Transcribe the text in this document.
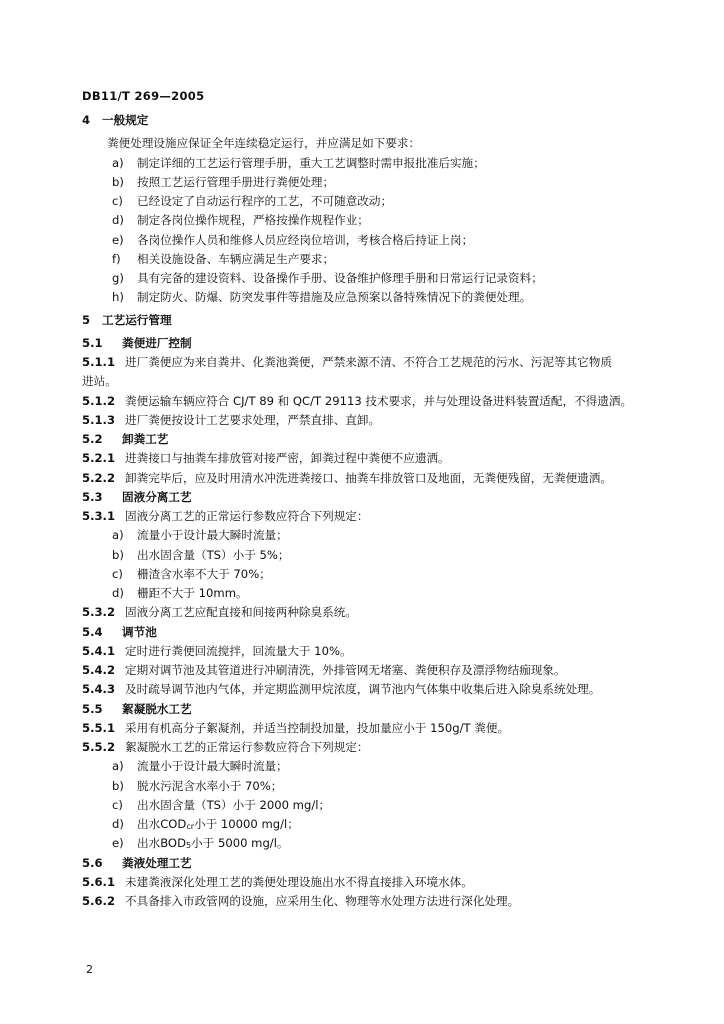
DB11/T 269—2005
4 一般规定
粪便处理设施应保证全年连续稳定运行，并应满足如下要求：
a) 制定详细的工艺运行管理手册，重大工艺调整时需申报批准后实施；
b) 按照工艺运行管理手册进行粪便处理；
c) 已经设定了自动运行程序的工艺，不可随意改动；
d) 制定各岗位操作规程，严格按操作规程作业；
e) 各岗位操作人员和维修人员应经岗位培训，考核合格后持证上岗；
f) 相关设施设备、车辆应满足生产要求；
g) 具有完备的建设资料、设备操作手册、设备维护修理手册和日常运行记录资料；
h) 制定防火、防爆、防突发事件等措施及应急预案以备特殊情况下的粪便处理。
5 工艺运行管理
5.1 粪便进厂控制
5.1.1 进厂粪便应为来自粪井、化粪池粪便，严禁来源不清、不符合工艺规范的污水、污泥等其它物质
进站。
5.1.2 粪便运输车辆应符合 CJ/T 89 和 QC/T 29113 技术要求，并与处理设备进料装置适配，不得遗洒。
5.1.3 进厂粪便按设计工艺要求处理，严禁直排、直卸。
5.2 卸粪工艺
5.2.1 进粪接口与抽粪车排放管对接严密，卸粪过程中粪便不应遗洒。
5.2.2 卸粪完毕后，应及时用清水冲洗进粪接口、抽粪车排放管口及地面，无粪便残留，无粪便遗洒。
5.3 固液分离工艺
5.3.1 固液分离工艺的正常运行参数应符合下列规定：
a) 流量小于设计最大瞬时流量；
b) 出水固含量（TS）小于 5%；
c) 栅渣含水率不大于 70%；
d) 栅距不大于 10mm。
5.3.2 固液分离工艺应配直接和间接两种除臭系统。
5.4 调节池
5.4.1 定时进行粪便回流搅拌，回流量大于 10%。
5.4.2 定期对调节池及其管道进行冲刷清洗，外排管网无堵塞、粪便积存及漂浮物结痂现象。
5.4.3 及时疏导调节池内气体，并定期监测甲烷浓度，调节池内气体集中收集后进入除臭系统处理。
5.5 絮凝脱水工艺
5.5.1 采用有机高分子絮凝剂，并适当控制投加量，投加量应小于 150g/T 粪便。
5.5.2 絮凝脱水工艺的正常运行参数应符合下列规定：
a) 流量小于设计最大瞬时流量；
b) 脱水污泥含水率小于 70%；
c) 出水固含量（TS）小于 2000 mg/l；
d) 出水$COD_{cr}$小于 10000 mg/l；
e) 出水$BOD_5$小于 5000 mg/l。
5.6 粪液处理工艺
5.6.1 未建粪液深化处理工艺的粪便处理设施出水不得直接排入环境水体。
5.6.2 不具备排入市政管网的设施，应采用生化、物理等水处理方法进行深化处理。
2
